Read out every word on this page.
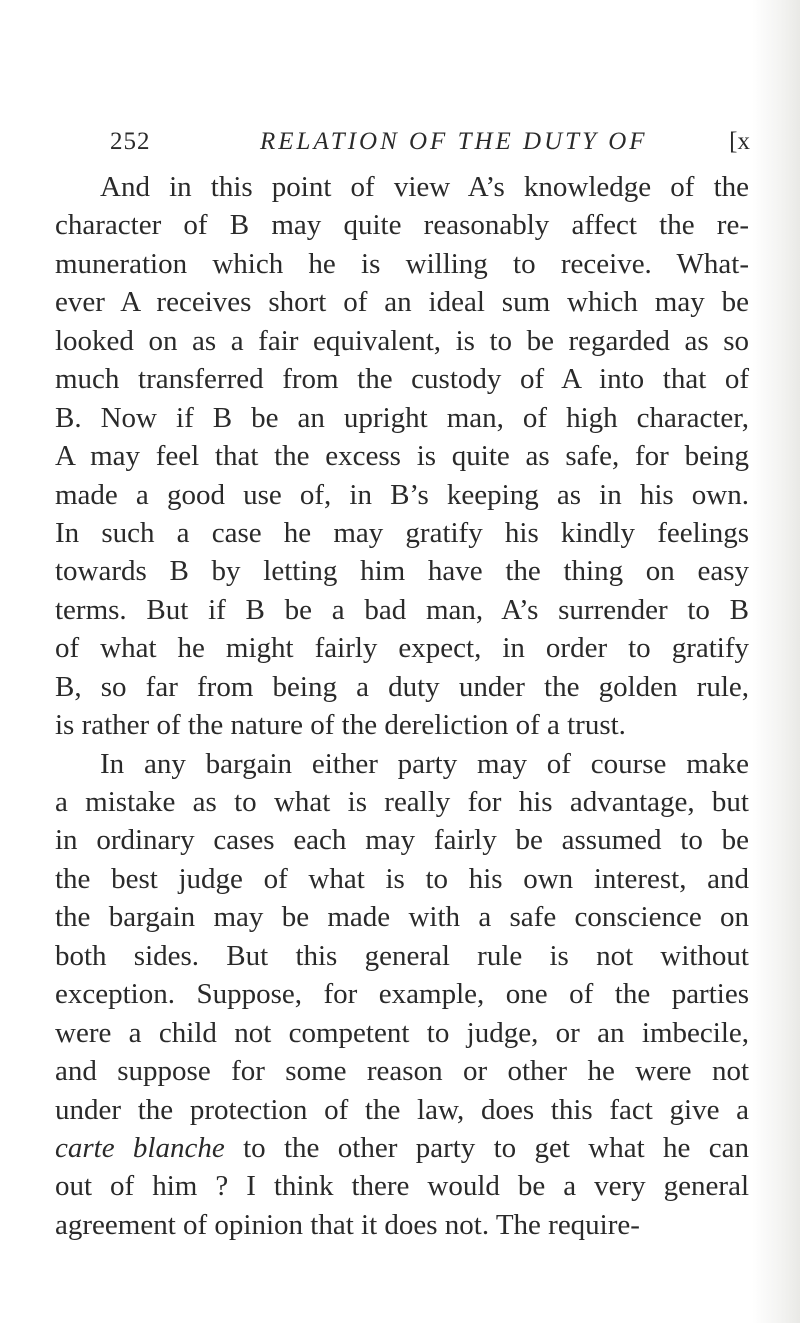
252	RELATION OF THE DUTY OF	[x
And in this point of view A’s knowledge of the
character of B may quite reasonably affect the re-
muneration which he is willing to receive. What-
ever A receives short of an ideal sum which may be
looked on as a fair equivalent, is to be regarded as so
much transferred from the custody of A into that of
B. Now if B be an upright man, of high character,
A may feel that the excess is quite as safe, for being
made a good use of, in B’s keeping as in his own.
In such a case he may gratify his kindly feelings
towards B by letting him have the thing on easy
terms. But if B be a bad man, A’s surrender to B
of what he might fairly expect, in order to gratify
B, so far from being a duty under the golden rule,
is rather of the nature of the dereliction of a trust.
In any bargain either party may of course make
a mistake as to what is really for his advantage, but
in ordinary cases each may fairly be assumed to be
the best judge of what is to his own interest, and
the bargain may be made with a safe conscience on
both sides. But this general rule is not without
exception. Suppose, for example, one of the parties
were a child not competent to judge, or an imbecile,
and suppose for some reason or other he were not
under the protection of the law, does this fact give a
carte blanche to the other party to get what he can
out of him ? I think there would be a very general
agreement of opinion that it does not. The require-
